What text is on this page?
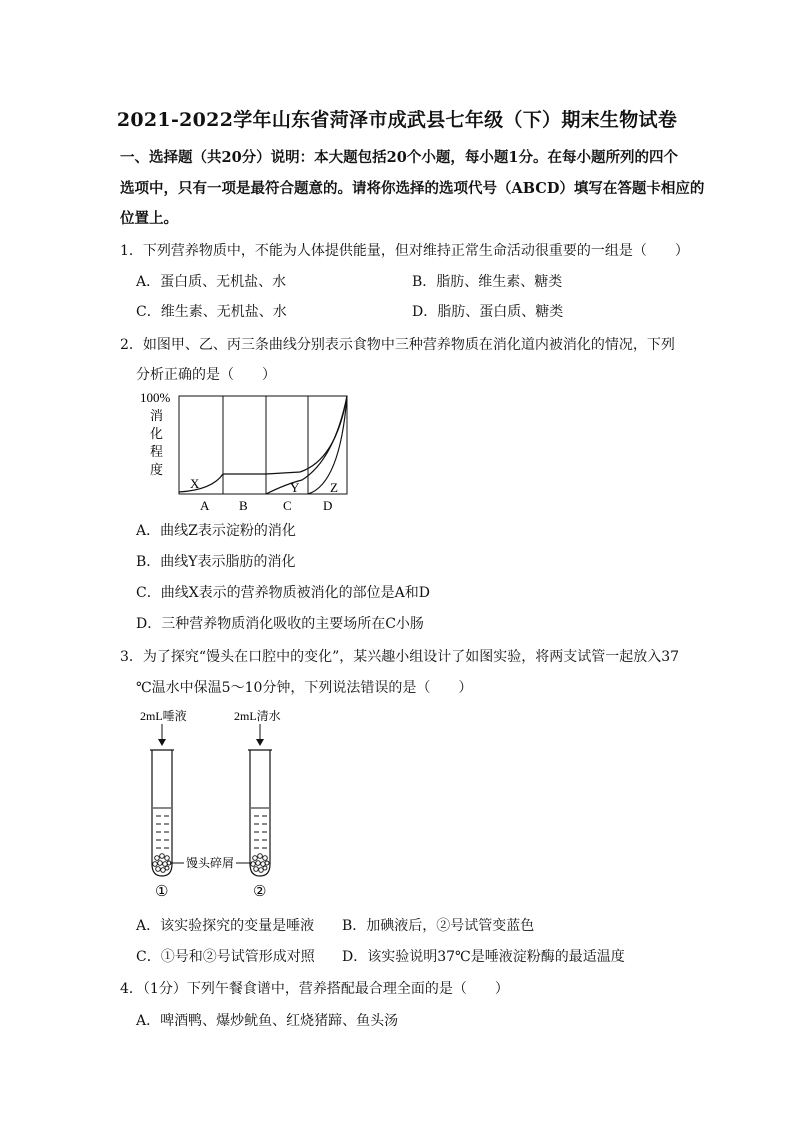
2021-2022学年山东省菏泽市成武县七年级（下）期末生物试卷
一、选择题（共20分）说明：本大题包括20个小题，每小题1分。在每小题所列的四个
选项中，只有一项是最符合题意的。请将你选择的选项代号（ABCD）填写在答题卡相应的
位置上。
1．下列营养物质中，不能为人体提供能量，但对维持正常生命活动很重要的一组是（　　）
A．蛋白质、无机盐、水	B．脂肪、维生素、糖类
C．维生素、无机盐、水	D．脂肪、蛋白质、糖类
2．如图甲、乙、丙三条曲线分别表示食物中三种营养物质在消化道内被消化的情况，下列
分析正确的是（　　）
100%
消
化
程
度
X	Y Z
A B	C D
A．曲线Z表示淀粉的消化
B．曲线Y表示脂肪的消化
C．曲线X表示的营养物质被消化的部位是A和D
D．三种营养物质消化吸收的主要场所在C小肠
3．为了探究“馒头在口腔中的变化”，某兴趣小组设计了如图实验，将两支试管一起放入37
℃温水中保温5～10分钟，下列说法错误的是（　　）
2mL唾液	2mL清水
馒头碎屑
①	②
A．该实验探究的变量是唾液 B．加碘液后，②号试管变蓝色
C．①号和②号试管形成对照 D．该实验说明37℃是唾液淀粉酶的最适温度
4．（1分）下列午餐食谱中，营养搭配最合理全面的是（　　）
A．啤酒鸭、爆炒鱿鱼、红烧猪蹄、鱼头汤
